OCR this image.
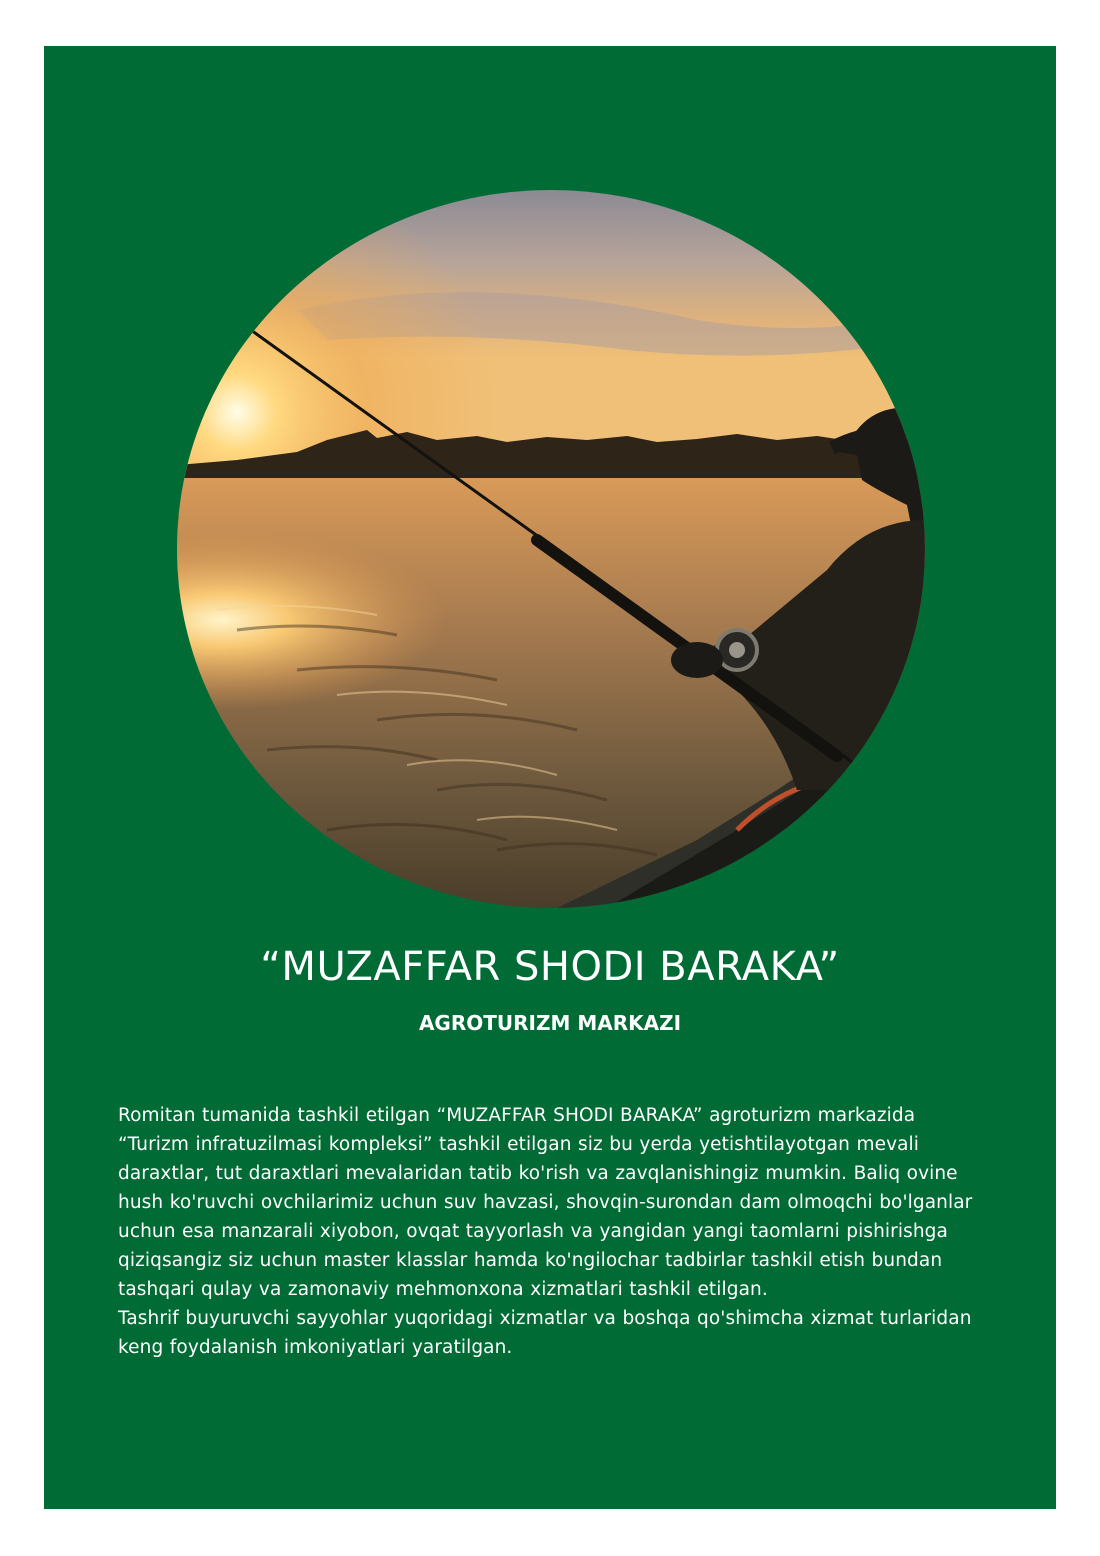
“MUZAFFAR SHODI BARAKA”
AGROTURIZM MARKAZI

Romitan tumanida tashkil etilgan “MUZAFFAR SHODI BARAKA” agroturizm markazida “Turizm infratuzilmasi kompleksi” tashkil etilgan siz bu yerda yetishtilayotgan mevali daraxtlar, tut daraxtlari mevalaridan tatib ko'rish va zavqlanishingiz mumkin. Baliq ovine hush ko'ruvchi ovchilarimiz uchun suv havzasi, shovqin-surondan dam olmoqchi bo'lganlar uchun esa manzarali xiyobon, ovqat tayyorlash va yangidan yangi taomlarni pishirishga qiziqsangiz siz uchun master klasslar hamda ko'ngilochar tadbirlar tashkil etish bundan tashqari qulay va zamonaviy mehmonxona xizmatlari tashkil etilgan.

Tashrif buyuruvchi sayyohlar yuqoridagi xizmatlar va boshqa qo'shimcha xizmat turlaridan keng foydalanish imkoniyatlari yaratilgan.
